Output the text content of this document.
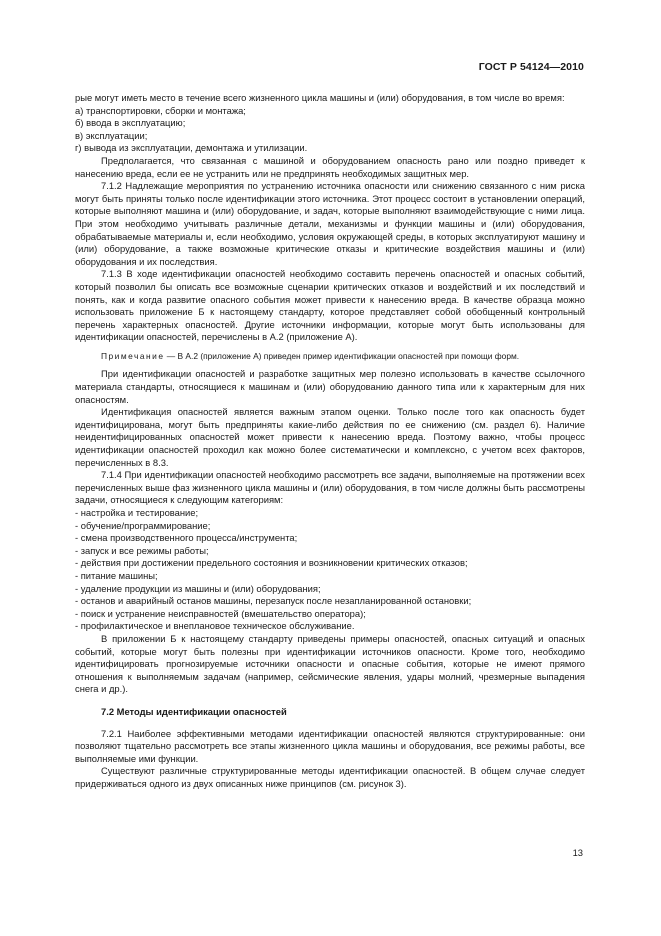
ГОСТ Р 54124—2010

рые могут иметь место в течение всего жизненного цикла машины и (или) оборудования, в том числе во время:

а) транспортировки, сборки и монтажа;

б) ввода в эксплуатацию;

в) эксплуатации;

г) вывода из эксплуатации, демонтажа и утилизации.

Предполагается, что связанная с машиной и оборудованием опасность рано или поздно приведет к нанесению вреда, если ее не устранить или не предпринять необходимых защитных мер.

7.1.2 Надлежащие мероприятия по устранению источника опасности или снижению связанного с ним риска могут быть приняты только после идентификации этого источника. Этот процесс состоит в установлении операций, которые выполняют машина и (или) оборудование, и задач, которые выполняют взаимодействующие с ними лица. При этом необходимо учитывать различные детали, механизмы и функции машины и (или) оборудования, обрабатываемые материалы и, если необходимо, условия окружающей среды, в которых эксплуатируют машину и (или) оборудование, а также возможные критические отказы и критические воздействия машины и (или) оборудования и их последствия.

7.1.3 В ходе идентификации опасностей необходимо составить перечень опасностей и опасных событий, который позволил бы описать все возможные сценарии критических отказов и воздействий и их последствий и понять, как и когда развитие опасного события может привести к нанесению вреда. В качестве образца можно использовать приложение Б к настоящему стандарту, которое представляет собой обобщенный контрольный перечень характерных опасностей. Другие источники информации, которые могут быть использованы для идентификации опасностей, перечислены в А.2 (приложение А).

Примечание — В А.2 (приложение А) приведен пример идентификации опасностей при помощи форм.

При идентификации опасностей и разработке защитных мер полезно использовать в качестве ссылочного материала стандарты, относящиеся к машинам и (или) оборудованию данного типа или к характерным для них опасностям.

Идентификация опасностей является важным этапом оценки. Только после того как опасность будет идентифицирована, могут быть предприняты какие-либо действия по ее снижению (см. раздел 6). Наличие неидентифицированных опасностей может привести к нанесению вреда. Поэтому важно, чтобы процесс идентификации опасностей проходил как можно более систематически и комплексно, с учетом всех факторов, перечисленных в 8.3.

7.1.4 При идентификации опасностей необходимо рассмотреть все задачи, выполняемые на протяжении всех перечисленных выше фаз жизненного цикла машины и (или) оборудования, в том числе должны быть рассмотрены задачи, относящиеся к следующим категориям:

- настройка и тестирование;

- обучение/программирование;

- смена производственного процесса/инструмента;

- запуск и все режимы работы;

- действия при достижении предельного состояния и возникновении критических отказов;

- питание машины;

- удаление продукции из машины и (или) оборудования;

- останов и аварийный останов машины, перезапуск после незапланированной остановки;

- поиск и устранение неисправностей (вмешательство оператора);

- профилактическое и внеплановое техническое обслуживание.

В приложении Б к настоящему стандарту приведены примеры опасностей, опасных ситуаций и опасных событий, которые могут быть полезны при идентификации источников опасности. Кроме того, необходимо идентифицировать прогнозируемые источники опасности и опасные события, которые не имеют прямого отношения к выполняемым задачам (например, сейсмические явления, удары молний, чрезмерные выпадения снега и др.).

7.2 Методы идентификации опасностей

7.2.1 Наиболее эффективными методами идентификации опасностей являются структурированные: они позволяют тщательно рассмотреть все этапы жизненного цикла машины и оборудования, все режимы работы, все выполняемые ими функции.

Существуют различные структурированные методы идентификации опасностей. В общем случае следует придерживаться одного из двух описанных ниже принципов (см. рисунок 3).

13
